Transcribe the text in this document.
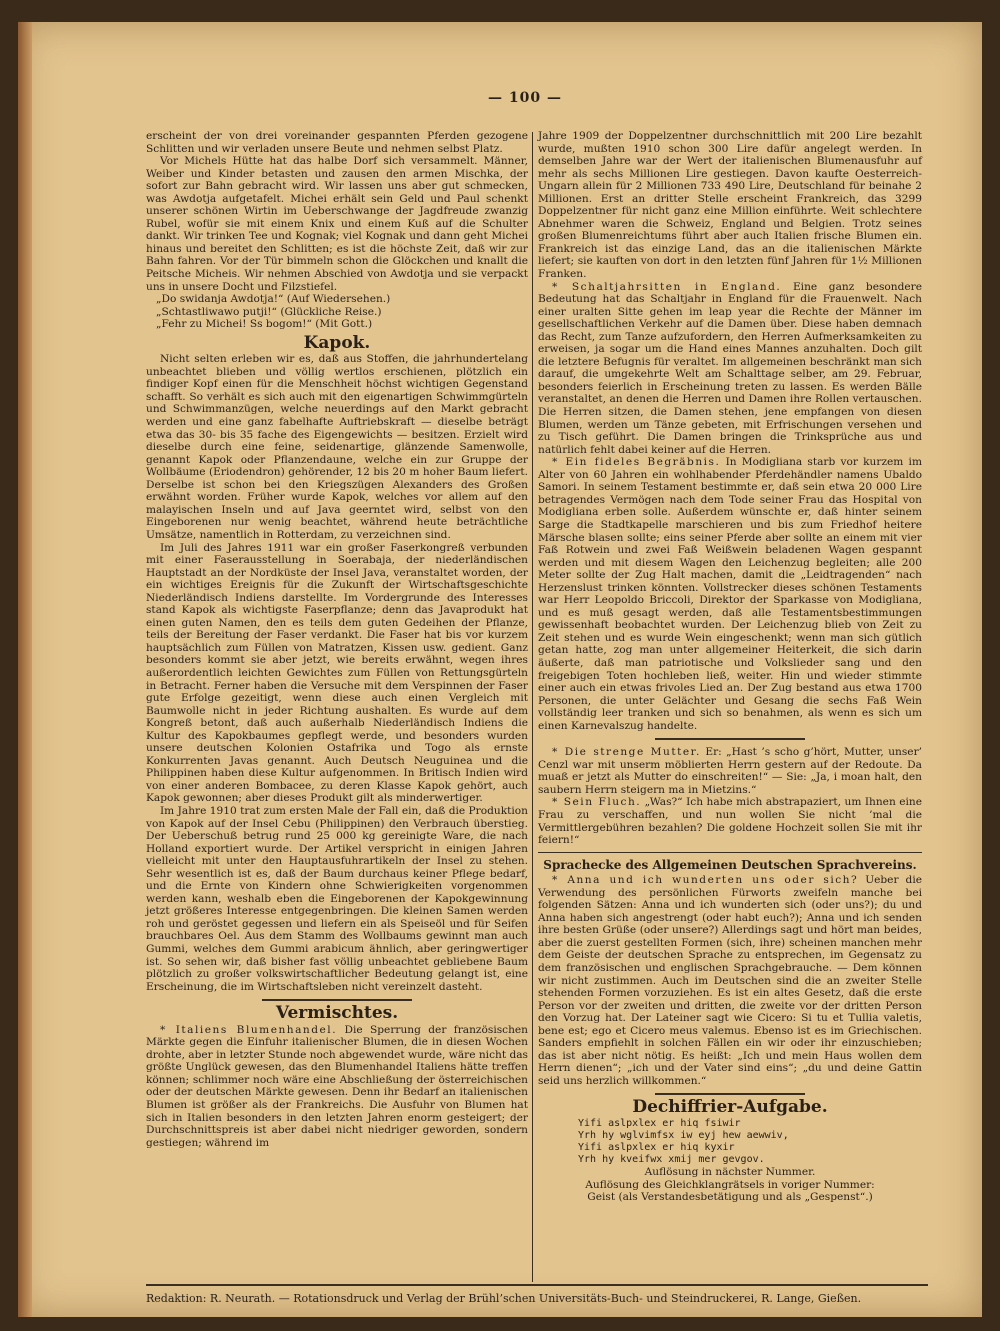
— 100 —

erscheint der von drei voreinander gespannten Pferden gezogene Schlitten und wir verladen unsere Beute und nehmen selbst Platz.

Vor Michels Hütte hat das halbe Dorf sich versammelt. Männer, Weiber und Kinder betasten und zausen den armen Mischka, der sofort zur Bahn gebracht wird. Wir lassen uns aber gut schmecken, was Awdotja aufgetafelt. Michei erhält sein Geld und Paul schenkt unserer schönen Wirtin im Ueberschwange der Jagdfreude zwanzig Rubel, wofür sie mit einem Knix und einem Kuß auf die Schulter dankt. Wir trinken Tee und Kognak; viel Kognak und dann geht Michei hinaus und bereitet den Schlitten; es ist die höchste Zeit, daß wir zur Bahn fahren. Vor der Tür bimmeln schon die Glöckchen und knallt die Peitsche Micheis. Wir nehmen Abschied von Awdotja und sie verpackt uns in unsere Docht und Filzstiefel.

„Do swidanja Awdotja!“ (Auf Wiedersehen.)

„Schtastliwawo putji!“ (Glückliche Reise.)

„Fehr zu Michei! Ss bogom!“ (Mit Gott.)

Kapok.

Nicht selten erleben wir es, daß aus Stoffen, die jahrhundertelang unbeachtet blieben und völlig wertlos erschienen, plötzlich ein findiger Kopf einen für die Menschheit höchst wichtigen Gegenstand schafft. So verhält es sich auch mit den eigenartigen Schwimmgürteln und Schwimmanzügen, welche neuerdings auf den Markt gebracht werden und eine ganz fabelhafte Auftriebskraft — dieselbe beträgt etwa das 30- bis 35 fache des Eigengewichts — besitzen. Erzielt wird dieselbe durch eine feine, seidenartige, glänzende Samenwolle, genannt Kapok oder Pflanzendaune, welche ein zur Gruppe der Wollbäume (Eriodendron) gehörender, 12 bis 20 m hoher Baum liefert. Derselbe ist schon bei den Kriegszügen Alexanders des Großen erwähnt worden. Früher wurde Kapok, welches vor allem auf den malayischen Inseln und auf Java geerntet wird, selbst von den Eingeborenen nur wenig beachtet, während heute beträchtliche Umsätze, namentlich in Rotterdam, zu verzeichnen sind.

Im Juli des Jahres 1911 war ein großer Faserkongreß verbunden mit einer Faserausstellung in Soerabaja, der niederländischen Hauptstadt an der Nordküste der Insel Java, veranstaltet worden, der ein wichtiges Ereignis für die Zukunft der Wirtschaftsgeschichte Niederländisch Indiens darstellte. Im Vordergrunde des Interesses stand Kapok als wichtigste Faserpflanze; denn das Javaprodukt hat einen guten Namen, den es teils dem guten Gedeihen der Pflanze, teils der Bereitung der Faser verdankt. Die Faser hat bis vor kurzem hauptsächlich zum Füllen von Matratzen, Kissen usw. gedient. Ganz besonders kommt sie aber jetzt, wie bereits erwähnt, wegen ihres außerordentlich leichten Gewichtes zum Füllen von Rettungsgürteln in Betracht. Ferner haben die Versuche mit dem Verspinnen der Faser gute Erfolge gezeitigt, wenn diese auch einen Vergleich mit Baumwolle nicht in jeder Richtung aushalten. Es wurde auf dem Kongreß betont, daß auch außerhalb Niederländisch Indiens die Kultur des Kapokbaumes gepflegt werde, und besonders wurden unsere deutschen Kolonien Ostafrika und Togo als ernste Konkurrenten Javas genannt. Auch Deutsch Neuguinea und die Philippinen haben diese Kultur aufgenommen. In Britisch Indien wird von einer anderen Bombacee, zu deren Klasse Kapok gehört, auch Kapok gewonnen; aber dieses Produkt gilt als minderwertiger.

Im Jahre 1910 trat zum ersten Male der Fall ein, daß die Produktion von Kapok auf der Insel Cebu (Philippinen) den Verbrauch überstieg. Der Ueberschuß betrug rund 25 000 kg gereinigte Ware, die nach Holland exportiert wurde. Der Artikel verspricht in einigen Jahren vielleicht mit unter den Hauptausfuhrartikeln der Insel zu stehen. Sehr wesentlich ist es, daß der Baum durchaus keiner Pflege bedarf, und die Ernte von Kindern ohne Schwierigkeiten vorgenommen werden kann, weshalb eben die Eingeborenen der Kapokgewinnung jetzt größeres Interesse entgegenbringen. Die kleinen Samen werden roh und geröstet gegessen und liefern ein als Speiseöl und für Seifen brauchbares Oel. Aus dem Stamm des Wollbaums gewinnt man auch Gummi, welches dem Gummi arabicum ähnlich, aber geringwertiger ist. So sehen wir, daß bisher fast völlig unbeachtet gebliebene Baum plötzlich zu großer volkswirtschaftlicher Bedeutung gelangt ist, eine Erscheinung, die im Wirtschaftsleben nicht vereinzelt dasteht.

Vermischtes.

* Italiens Blumenhandel. Die Sperrung der französischen Märkte gegen die Einfuhr italienischer Blumen, die in diesen Wochen drohte, aber in letzter Stunde noch abgewendet wurde, wäre nicht das größte Unglück gewesen, das den Blumenhandel Italiens hätte treffen können; schlimmer noch wäre eine Abschließung der österreichischen oder der deutschen Märkte gewesen. Denn ihr Bedarf an italienischen Blumen ist größer als der Frankreichs. Die Ausfuhr von Blumen hat sich in Italien besonders in den letzten Jahren enorm gesteigert; der Durchschnittspreis ist aber dabei nicht niedriger geworden, sondern gestiegen; während im

Jahre 1909 der Doppelzentner durchschnittlich mit 200 Lire bezahlt wurde, mußten 1910 schon 300 Lire dafür angelegt werden. In demselben Jahre war der Wert der italienischen Blumenausfuhr auf mehr als sechs Millionen Lire gestiegen. Davon kaufte Oesterreich-Ungarn allein für 2 Millionen 733 490 Lire, Deutschland für beinahe 2 Millionen. Erst an dritter Stelle erscheint Frankreich, das 3299 Doppelzentner für nicht ganz eine Million einführte. Weit schlechtere Abnehmer waren die Schweiz, England und Belgien. Trotz seines großen Blumenreichtums führt aber auch Italien frische Blumen ein. Frankreich ist das einzige Land, das an die italienischen Märkte liefert; sie kauften von dort in den letzten fünf Jahren für 1½ Millionen Franken.

* Schaltjahrsitten in England. Eine ganz besondere Bedeutung hat das Schaltjahr in England für die Frauenwelt. Nach einer uralten Sitte gehen im leap year die Rechte der Männer im gesellschaftlichen Verkehr auf die Damen über. Diese haben demnach das Recht, zum Tanze aufzufordern, den Herren Aufmerksamkeiten zu erweisen, ja sogar um die Hand eines Mannes anzuhalten. Doch gilt die letztere Befugnis für veraltet. Im allgemeinen beschränkt man sich darauf, die umgekehrte Welt am Schalttage selber, am 29. Februar, besonders feierlich in Erscheinung treten zu lassen. Es werden Bälle veranstaltet, an denen die Herren und Damen ihre Rollen vertauschen. Die Herren sitzen, die Damen stehen, jene empfangen von diesen Blumen, werden um Tänze gebeten, mit Erfrischungen versehen und zu Tisch geführt. Die Damen bringen die Trinksprüche aus und natürlich fehlt dabei keiner auf die Herren.

* Ein fideles Begräbnis. In Modigliana starb vor kurzem im Alter von 60 Jahren ein wohlhabender Pferdehändler namens Ubaldo Samori. In seinem Testament bestimmte er, daß sein etwa 20 000 Lire betragendes Vermögen nach dem Tode seiner Frau das Hospital von Modigliana erben solle. Außerdem wünschte er, daß hinter seinem Sarge die Stadtkapelle marschieren und bis zum Friedhof heitere Märsche blasen sollte; eins seiner Pferde aber sollte an einem mit vier Faß Rotwein und zwei Faß Weißwein beladenen Wagen gespannt werden und mit diesem Wagen den Leichenzug begleiten; alle 200 Meter sollte der Zug Halt machen, damit die „Leidtragenden“ nach Herzenslust trinken könnten. Vollstrecker dieses schönen Testaments war Herr Leopoldo Briccoli, Direktor der Sparkasse von Modigliana, und es muß gesagt werden, daß alle Testamentsbestimmungen gewissenhaft beobachtet wurden. Der Leichenzug blieb von Zeit zu Zeit stehen und es wurde Wein eingeschenkt; wenn man sich gütlich getan hatte, zog man unter allgemeiner Heiterkeit, die sich darin äußerte, daß man patriotische und Volkslieder sang und den freigebigen Toten hochleben ließ, weiter. Hin und wieder stimmte einer auch ein etwas frivoles Lied an. Der Zug bestand aus etwa 1700 Personen, die unter Gelächter und Gesang die sechs Faß Wein vollständig leer tranken und sich so benahmen, als wenn es sich um einen Karnevalszug handelte.

* Die strenge Mutter. Er: „Hast ’s scho g’hört, Mutter, unser’ Cenzl war mit unserm möblierten Herrn gestern auf der Redoute. Da muaß er jetzt als Mutter do einschreiten!“ — Sie: „Ja, i moan halt, den saubern Herrn steigern ma in Mietzins.“

* Sein Fluch. „Was?“ Ich habe mich abstrapaziert, um Ihnen eine Frau zu verschaffen, und nun wollen Sie nicht ’mal die Vermittlergebühren bezahlen? Die goldene Hochzeit sollen Sie mit ihr feiern!“

Sprachecke des Allgemeinen Deutschen Sprachvereins.

* Anna und ich wunderten uns oder sich? Ueber die Verwendung des persönlichen Fürworts zweifeln manche bei folgenden Sätzen: Anna und ich wunderten sich (oder uns?); du und Anna haben sich angestrengt (oder habt euch?); Anna und ich senden ihre besten Grüße (oder unsere?) Allerdings sagt und hört man beides, aber die zuerst gestellten Formen (sich, ihre) scheinen manchen mehr dem Geiste der deutschen Sprache zu entsprechen, im Gegensatz zu dem französischen und englischen Sprachgebrauche. — Dem können wir nicht zustimmen. Auch im Deutschen sind die an zweiter Stelle stehenden Formen vorzuziehen. Es ist ein altes Gesetz, daß die erste Person vor der zweiten und dritten, die zweite vor der dritten Person den Vorzug hat. Der Lateiner sagt wie Cicero: Si tu et Tullia valetis, bene est; ego et Cicero meus valemus. Ebenso ist es im Griechischen. Sanders empfiehlt in solchen Fällen ein wir oder ihr einzuschieben; das ist aber nicht nötig. Es heißt: „Ich und mein Haus wollen dem Herrn dienen“; „ich und der Vater sind eins“; „du und deine Gattin seid uns herzlich willkommen.“

Dechiffrier-Aufgabe.
Yifi aslpxlex er hiq fsiwir
Yrh hy wglvimfsx iw eyj hew aewwiv,
Yifi aslpxlex er hiq kyxir
Yrh hy kveifwx xmij mer gevgov.

Auflösung in nächster Nummer.

Auflösung des Gleichklangrätsels in voriger Nummer:

Geist (als Verstandesbetätigung und als „Gespenst“.)

Redaktion: R. Neurath. — Rotationsdruck und Verlag der Brühl’schen Universitäts-Buch- und Steindruckerei, R. Lange, Gießen.
